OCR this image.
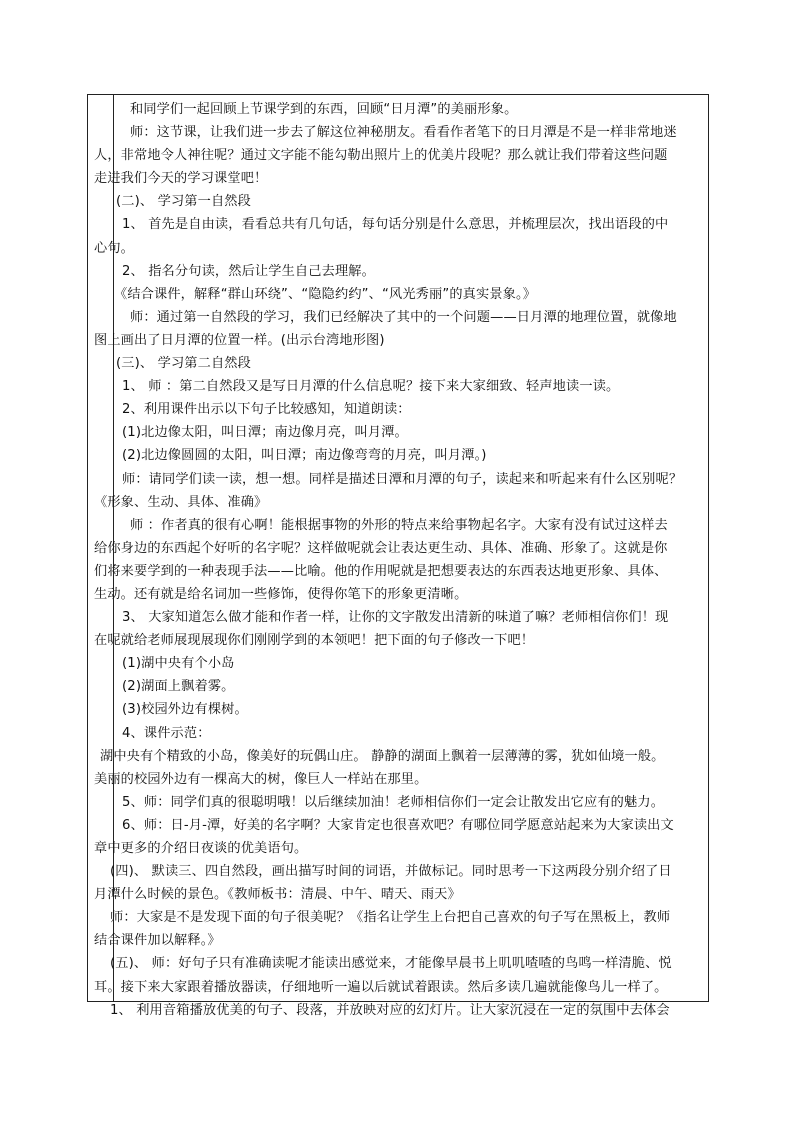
和同学们一起回顾上节课学到的东西，回顾“日月潭”的美丽形象。
师：这节课，让我们进一步去了解这位神秘朋友。看看作者笔下的日月潭是不是一样非常地迷
人，非常地令人神往呢？通过文字能不能勾勒出照片上的优美片段呢？那么就让我们带着这些问题
走进我们今天的学习课堂吧！
(二)、 学习第一自然段
1、 首先是自由读，看看总共有几句话，每句话分别是什么意思，并梳理层次，找出语段的中
心句。
2、 指名分句读，然后让学生自己去理解。
《结合课件，解释“群山环绕”、“隐隐约约”、“风光秀丽”的真实景象。》
师：通过第一自然段的学习，我们已经解决了其中的一个问题——日月潭的地理位置，就像地
图上画出了日月潭的位置一样。(出示台湾地形图)
(三)、 学习第二自然段
1、 师 ：第二自然段又是写日月潭的什么信息呢？接下来大家细致、轻声地读一读。
2、利用课件出示以下句子比较感知，知道朗读：
(1)北边像太阳，叫日潭；南边像月亮，叫月潭。
(2)北边像圆圆的太阳，叫日潭；南边像弯弯的月亮，叫月潭。)
师：请同学们读一读，想一想。同样是描述日潭和月潭的句子，读起来和听起来有什么区别呢？
《形象、生动、具体、准确》
师 ：作者真的很有心啊！能根据事物的外形的特点来给事物起名字。大家有没有试过这样去
给你身边的东西起个好听的名字呢？这样做呢就会让表达更生动、具体、准确、形象了。这就是你
们将来要学到的一种表现手法——比喻。他的作用呢就是把想要表达的东西表达地更形象、具体、
生动。还有就是给名词加一些修饰，使得你笔下的形象更清晰。
3、 大家知道怎么做才能和作者一样，让你的文字散发出清新的味道了嘛？老师相信你们！现
在呢就给老师展现展现你们刚刚学到的本领吧！把下面的句子修改一下吧！
(1)湖中央有个小岛
(2)湖面上飘着雾。
(3)校园外边有棵树。
4、课件示范：
湖中央有个精致的小岛，像美好的玩偶山庄。 静静的湖面上飘着一层薄薄的雾，犹如仙境一般。
美丽的校园外边有一棵高大的树，像巨人一样站在那里。
5、师：同学们真的很聪明哦！以后继续加油！老师相信你们一定会让散发出它应有的魅力。
6、师：日-月-潭，好美的名字啊？大家肯定也很喜欢吧？有哪位同学愿意站起来为大家读出文
章中更多的介绍日夜谈的优美语句。
(四)、 默读三、四自然段，画出描写时间的词语，并做标记。同时思考一下这两段分别介绍了日
月潭什么时候的景色。《教师板书：清晨、中午、晴天、雨天》
师：大家是不是发现下面的句子很美呢？《指名让学生上台把自己喜欢的句子写在黑板上，教师
结合课件加以解释。》
(五)、 师：好句子只有准确读呢才能读出感觉来，才能像早晨书上叽叽喳喳的鸟鸣一样清脆、悦
耳。接下来大家跟着播放器读，仔细地听一遍以后就试着跟读。然后多读几遍就能像鸟儿一样了。
1、 利用音箱播放优美的句子、段落，并放映对应的幻灯片。让大家沉浸在一定的氛围中去体会
